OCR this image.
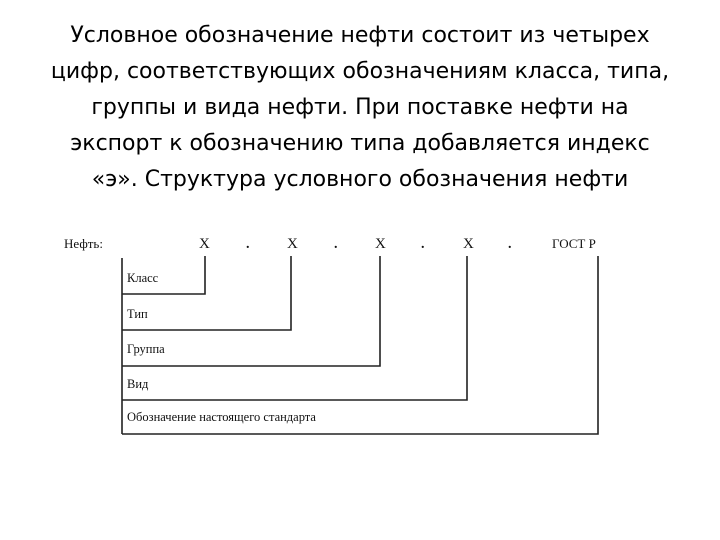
Условное обозначение нефти состоит из четырех
цифр, соответствующих обозначениям класса, типа,
группы и вида нефти. При поставке нефти на
экспорт к обозначению типа добавляется индекс
«э». Структура условного обозначения нефти
Нефть:	Х	.	Х	.	Х	.	Х .	ГОСТ Р
Класс
Тип
Группа
Вид
Обозначение настоящего стандарта
